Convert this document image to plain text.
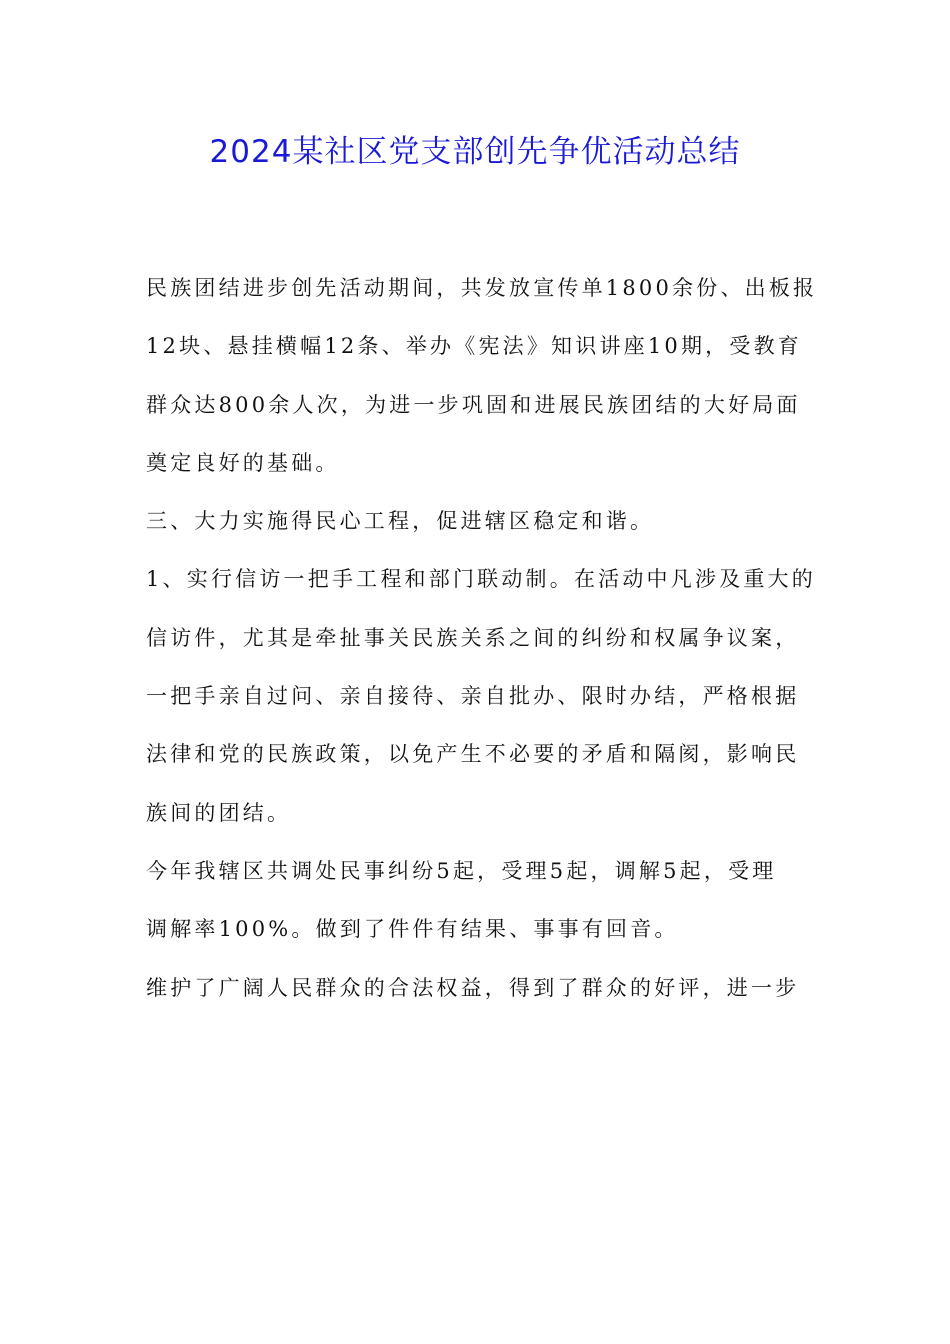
2024某社区党支部创先争优活动总结
民族团结进步创先活动期间，共发放宣传单1800余份、出板报
12块、悬挂横幅12条、举办《宪法》知识讲座10期，受教育
群众达800余人次，为进一步巩固和进展民族团结的大好局面
奠定良好的基础。
三、大力实施得民心工程，促进辖区稳定和谐。
1、实行信访一把手工程和部门联动制。在活动中凡涉及重大的
信访件，尤其是牵扯事关民族关系之间的纠纷和权属争议案，
一把手亲自过问、亲自接待、亲自批办、限时办结，严格根据
法律和党的民族政策，以免产生不必要的矛盾和隔阂，影响民
族间的团结。
今年我辖区共调处民事纠纷5起，受理5起，调解5起，受理
调解率100%。做到了件件有结果、事事有回音。
维护了广阔人民群众的合法权益，得到了群众的好评，进一步
